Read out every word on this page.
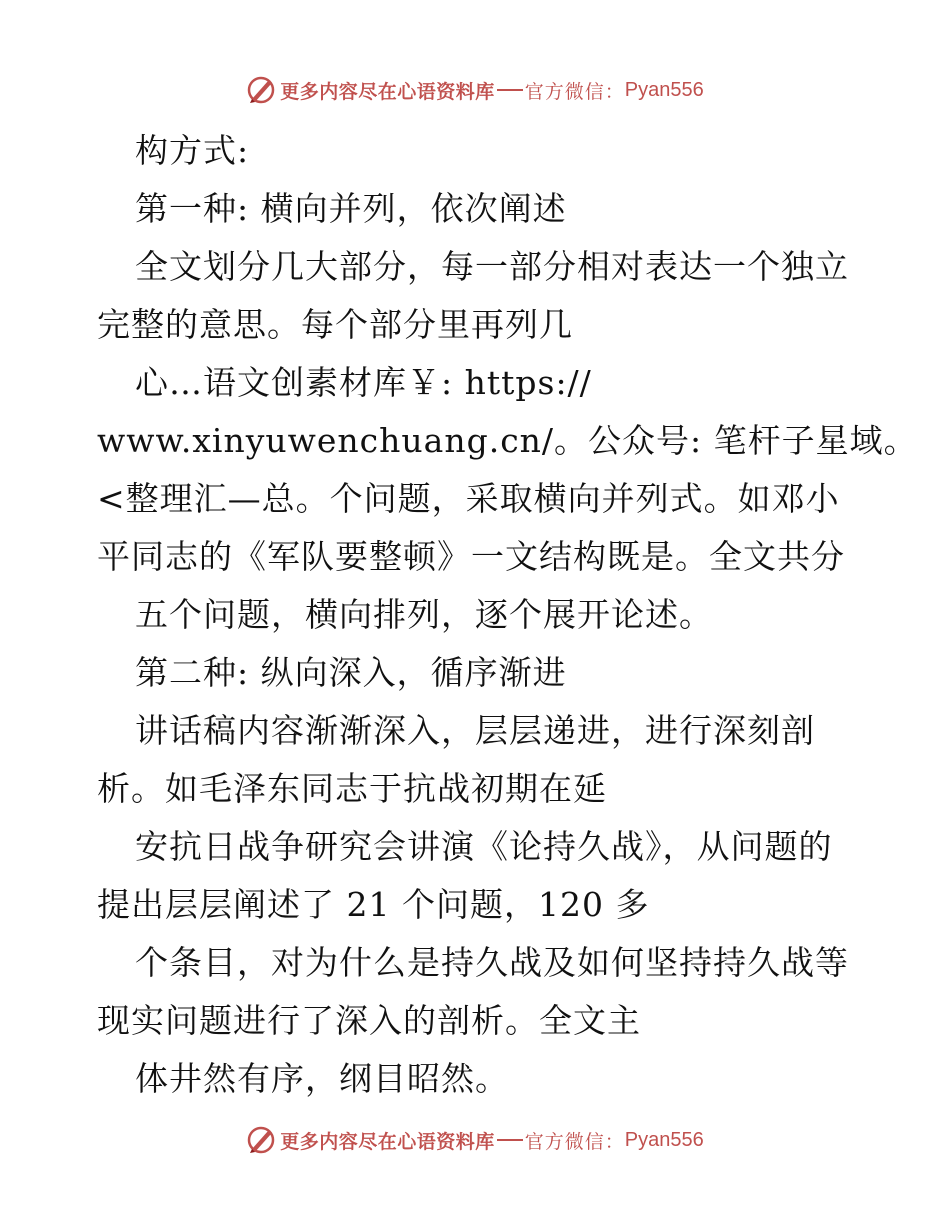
更多内容尽在心语资料库 官方微信： Pyan556
构方式:
第一种: 横向并列，依次阐述
全文划分几大部分，每一部分相对表达一个独立
完整的意思。每个部分里再列几
心…语文创素材库￥: https://
www.xinyuwenchuang.cn/。公众号: 笔杆子星域。
<整理汇—总。个问题，采取横向并列式。如邓小
平同志的《军队要整顿》一文结构既是。全文共分
五个问题，横向排列，逐个展开论述。
第二种: 纵向深入，循序渐进
讲话稿内容渐渐深入，层层递进，进行深刻剖
析。如毛泽东同志于抗战初期在延
安抗日战争研究会讲演《论持久战》，从问题的
提出层层阐述了 21 个问题，120 多
个条目，对为什么是持久战及如何坚持持久战等
现实问题进行了深入的剖析。全文主
体井然有序，纲目昭然。
更多内容尽在心语资料库 官方微信： Pyan556
